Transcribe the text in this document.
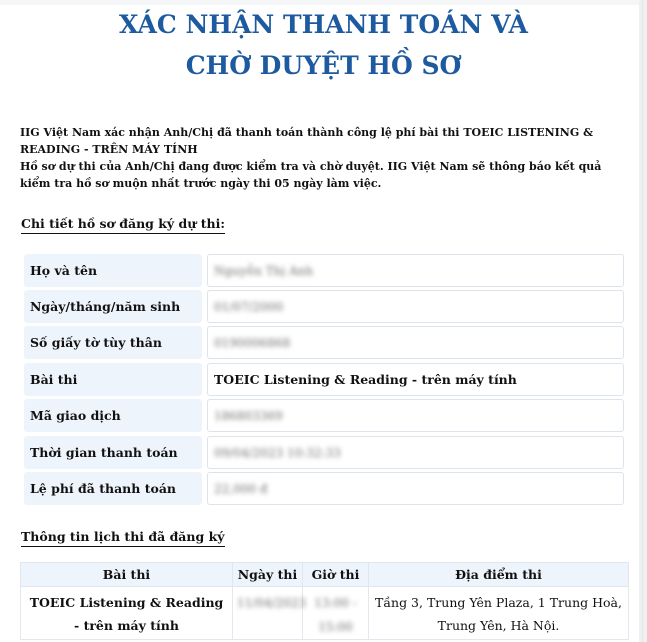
XÁC NHẬN THANH TOÁN VÀ
CHỜ DUYỆT HỒ SƠ

IIG Việt Nam xác nhận Anh/Chị đã thanh toán thành công lệ phí bài thi TOEIC LISTENING & READING - TRÊN MÁY TÍNH

Hồ sơ dự thi của Anh/Chị đang được kiểm tra và chờ duyệt. IIG Việt Nam sẽ thông báo kết quả kiểm tra hồ sơ muộn nhất trước ngày thi 05 ngày làm việc.

Chi tiết hồ sơ đăng ký dự thi:
Họ và tên	Nguyễn Thị Anh
Ngày/tháng/năm sinh	01/07/2000
Số giấy tờ tùy thân	0190006868
Bài thi	TOEIC Listening & Reading - trên máy tính
Mã giao dịch	186803369
Thời gian thanh toán	09/04/2023 10:32:33
Lệ phí đã thanh toán	22,000 đ
Thông tin lịch thi đã đăng ký
Bài thi	Ngày thi	Giờ thi	Địa điểm thi
TOEIC Listening & Reading - trên máy tính	11/04/2023	13:00 - 15:00	Tầng 3, Trung Yên Plaza, 1 Trung Hoà, Trung Yên, Hà Nội.
